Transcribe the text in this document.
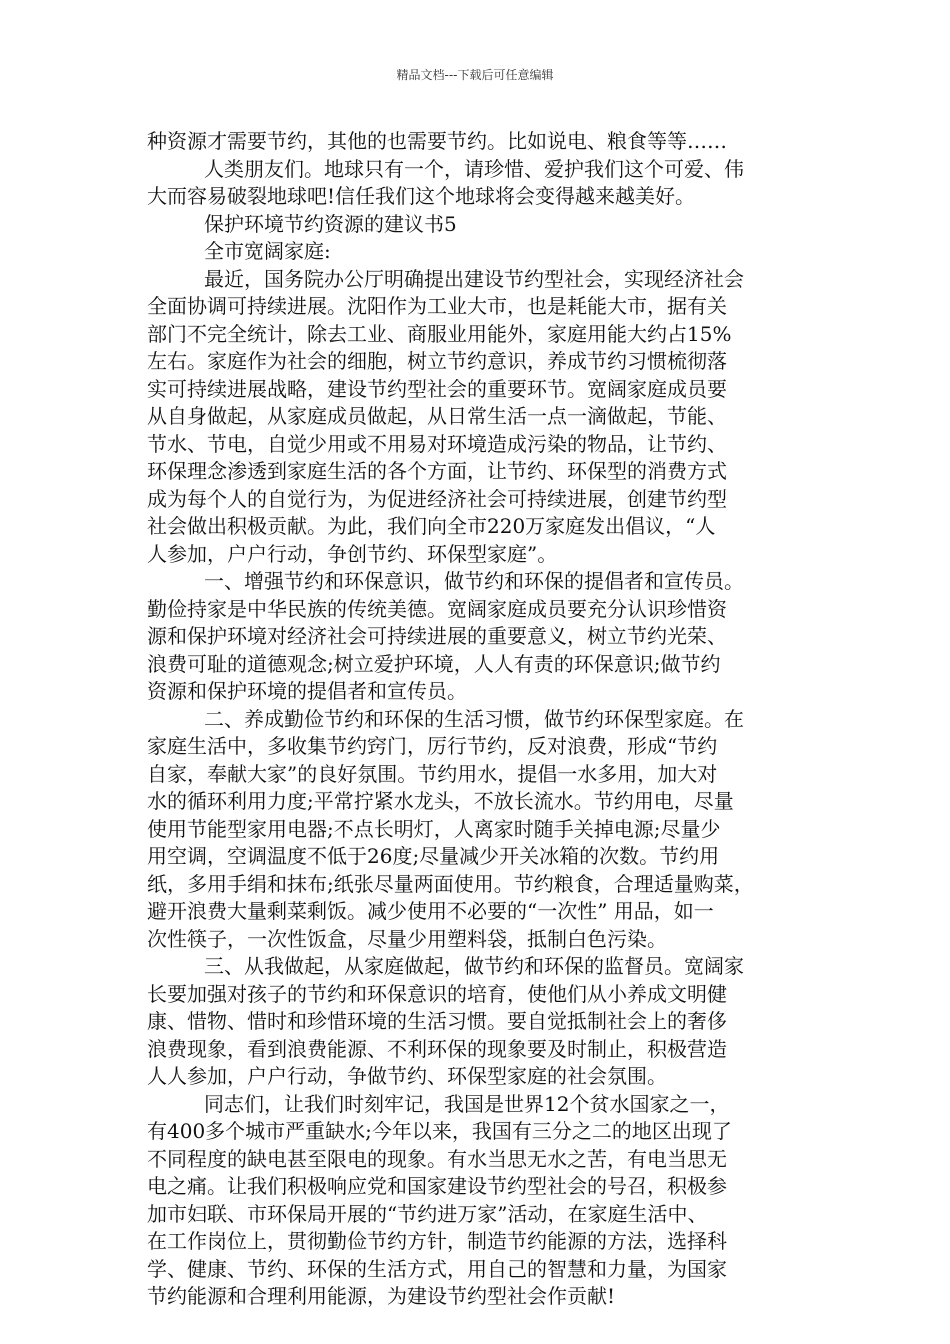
精品文档---下载后可任意编辑
种资源才需要节约，其他的也需要节约。比如说电、粮食等等……
人类朋友们。地球只有一个，请珍惜、爱护我们这个可爱、伟
大而容易破裂地球吧!信任我们这个地球将会变得越来越美好。
保护环境节约资源的建议书5
全市宽阔家庭:
最近，国务院办公厅明确提出建设节约型社会，实现经济社会
全面协调可持续进展。沈阳作为工业大市，也是耗能大市，据有关
部门不完全统计，除去工业、商服业用能外，家庭用能大约占15%
左右。家庭作为社会的细胞，树立节约意识，养成节约习惯梳彻落
实可持续进展战略，建设节约型社会的重要环节。宽阔家庭成员要
从自身做起，从家庭成员做起，从日常生活一点一滴做起，节能、
节水、节电，自觉少用或不用易对环境造成污染的物品，让节约、
环保理念渗透到家庭生活的各个方面，让节约、环保型的消费方式
成为每个人的自觉行为，为促进经济社会可持续进展，创建节约型
社会做出积极贡献。为此，我们向全市220万家庭发出倡议，“人
人参加，户户行动，争创节约、环保型家庭”。
一、增强节约和环保意识，做节约和环保的提倡者和宣传员。
勤俭持家是中华民族的传统美德。宽阔家庭成员要充分认识珍惜资
源和保护环境对经济社会可持续进展的重要意义，树立节约光荣、
浪费可耻的道德观念;树立爱护环境，人人有责的环保意识;做节约
资源和保护环境的提倡者和宣传员。
二、养成勤俭节约和环保的生活习惯，做节约环保型家庭。在
家庭生活中，多收集节约窍门，厉行节约，反对浪费，形成“节约
自家，奉献大家”的良好氛围。节约用水，提倡一水多用，加大对
水的循环利用力度;平常拧紧水龙头，不放长流水。节约用电，尽量
使用节能型家用电器;不点长明灯，人离家时随手关掉电源;尽量少
用空调，空调温度不低于26度;尽量减少开关冰箱的次数。节约用
纸，多用手绢和抹布;纸张尽量两面使用。节约粮食，合理适量购菜，
避开浪费大量剩菜剩饭。减少使用不必要的“一次性” 用品，如一
次性筷子，一次性饭盒，尽量少用塑料袋，抵制白色污染。
三、从我做起，从家庭做起，做节约和环保的监督员。宽阔家
长要加强对孩子的节约和环保意识的培育，使他们从小养成文明健
康、惜物、惜时和珍惜环境的生活习惯。要自觉抵制社会上的奢侈
浪费现象，看到浪费能源、不利环保的现象要及时制止，积极营造
人人参加，户户行动，争做节约、环保型家庭的社会氛围。
同志们，让我们时刻牢记，我国是世界12个贫水国家之一，
有400多个城市严重缺水;今年以来，我国有三分之二的地区出现了
不同程度的缺电甚至限电的现象。有水当思无水之苦，有电当思无
电之痛。让我们积极响应党和国家建设节约型社会的号召，积极参
加市妇联、市环保局开展的“节约进万家”活动，在家庭生活中、
在工作岗位上，贯彻勤俭节约方针，制造节约能源的方法，选择科
学、健康、节约、环保的生活方式，用自己的智慧和力量，为国家
节约能源和合理利用能源，为建设节约型社会作贡献!
